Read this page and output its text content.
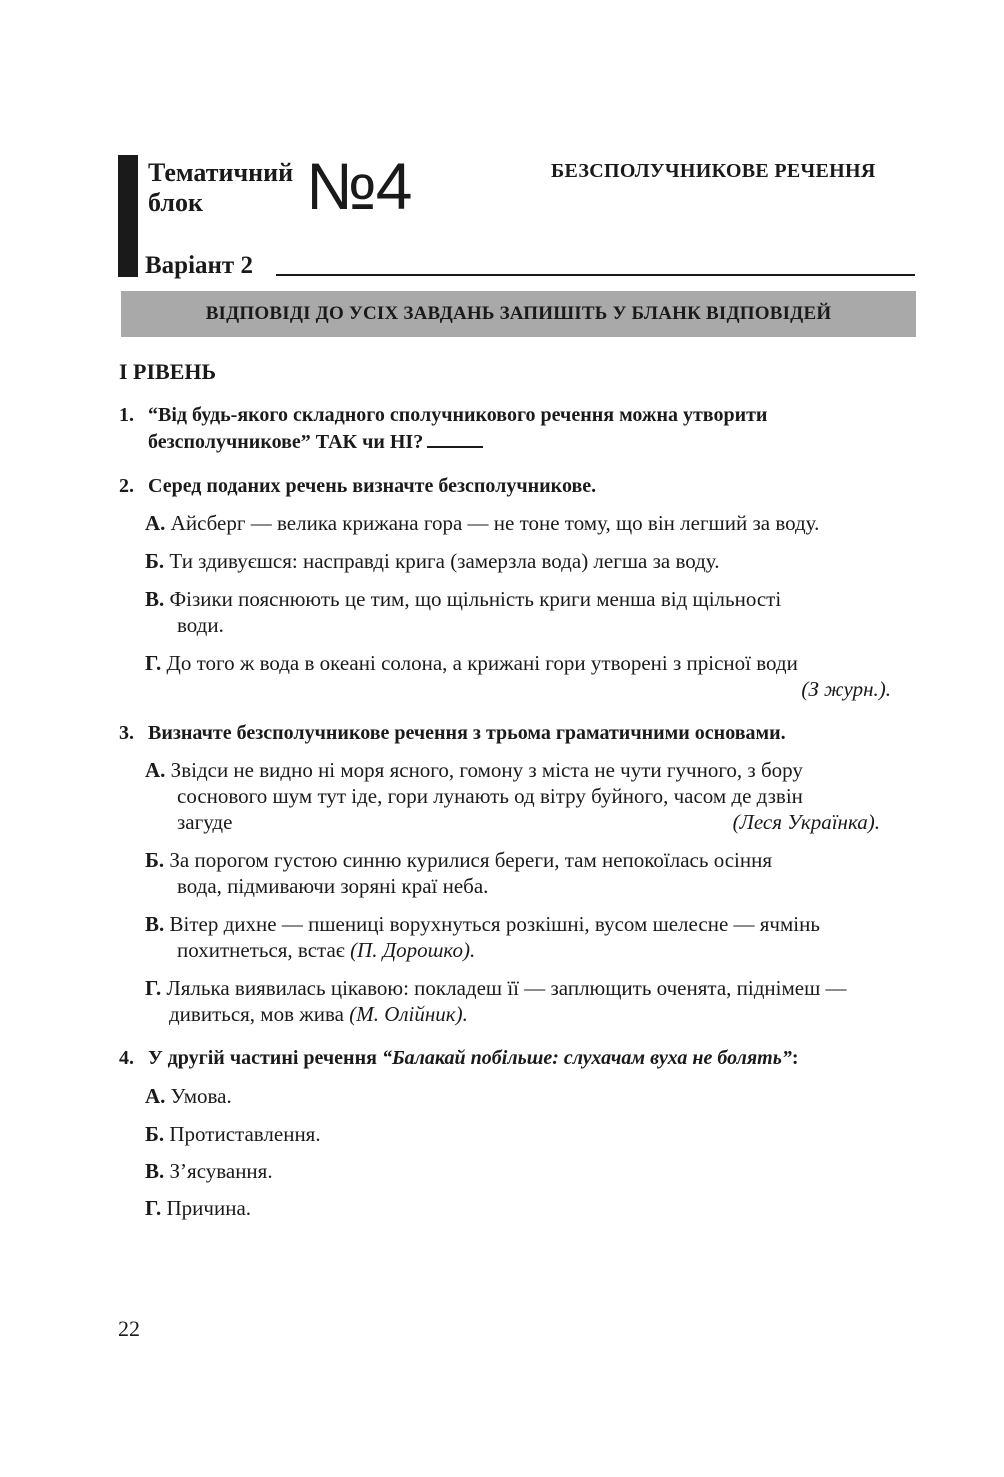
Тематичний
блок №4	БЕЗСПОЛУЧНИКОВЕ РЕЧЕННЯ
Варіант 2
ВІДПОВІДІ ДО УСІХ ЗАВДАНЬ ЗАПИШІТЬ У БЛАНК ВІДПОВІДЕЙ
І РІВЕНЬ
1. “Від будь-якого складного сполучникового речення можна утворити
безсполучникове” ТАК чи НІ?
2. Серед поданих речень визначте безсполучникове.
А. Айсберг — велика крижана гора — не тоне тому, що він легший за воду.
Б. Ти здивуєшся: насправді крига (замерзла вода) легша за воду.
В. Фізики пояснюють це тим, що щільність криги менша від щільності
води.
Г. До того ж вода в океані солона, а крижані гори утворені з прісної води
(З журн.).
3. Визначте безсполучникове речення з трьома граматичними основами.
А. Звідси не видно ні моря ясного, гомону з міста не чути гучного, з бору
соснового шум тут іде, гори лунають од вітру буйного, часом де дзвін
загуде	(Леся Українка).
Б. За порогом густою синню курилися береги, там непокоїлась осіння
вода, підмиваючи зоряні краї неба.
В. Вітер дихне — пшениці ворухнуться розкішні, вусом шелесне — ячмінь
похитнеться, встає (П. Дорошко).
Г. Лялька виявилась цікавою: покладеш її — заплющить оченята, піднімеш —
дивиться, мов жива (М. Олійник).
4. У другій частині речення “Балакай побільше: слухачам вуха не болять”:
А. Умова.
Б. Протиставлення.
В. З’ясування.
Г. Причина.
22
